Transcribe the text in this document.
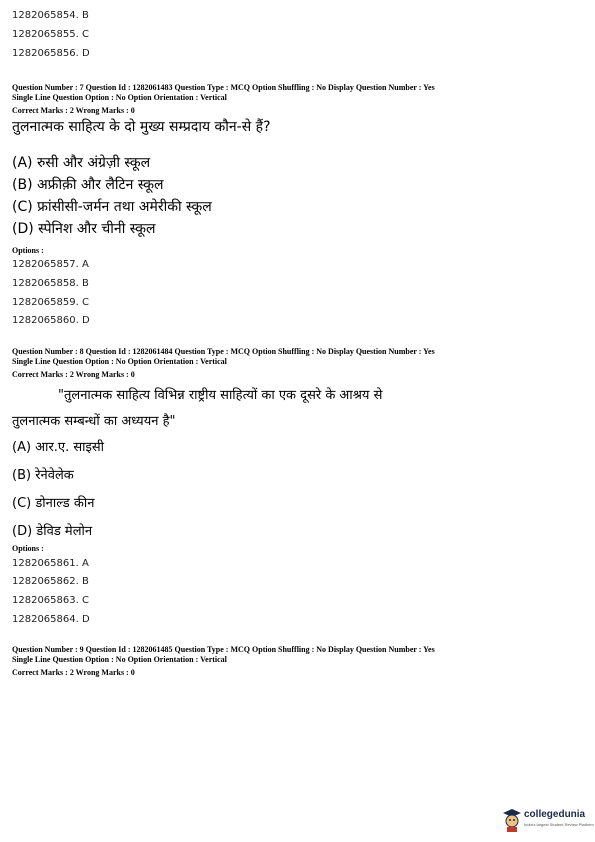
1282065854. B
1282065855. C
1282065856. D
Question Number : 7 Question Id : 1282061483 Question Type : MCQ Option Shuffling : No Display Question Number : Yes
Single Line Question Option : No Option Orientation : Vertical
Correct Marks : 2 Wrong Marks : 0
तुलनात्मक साहित्य के दो मुख्य सम्प्रदाय कौन-से हैं?
(A) रुसी और अंग्रेज़ी स्कूल
(B) अफ्रीक़ी और लैटिन स्कूल
(C) फ्रांसीसी-जर्मन तथा अमेरीकी स्कूल
(D) स्पेनिश और चीनी स्कूल
Options :
1282065857. A
1282065858. B
1282065859. C
1282065860. D
Question Number : 8 Question Id : 1282061484 Question Type : MCQ Option Shuffling : No Display Question Number : Yes
Single Line Question Option : No Option Orientation : Vertical
Correct Marks : 2 Wrong Marks : 0
"तुलनात्मक साहित्य विभिन्न राष्ट्रीय साहित्यों का एक दूसरे के आश्रय से
तुलनात्मक सम्बन्धों का अध्ययन है"
(A) आर.ए. साइसी
(B) रेनेवेलेक
(C) डोनाल्ड कीन
(D) डेविड मेलोन
Options :
1282065861. A
1282065862. B
1282065863. C
1282065864. D
Question Number : 9 Question Id : 1282061485 Question Type : MCQ Option Shuffling : No Display Question Number : Yes
Single Line Question Option : No Option Orientation : Vertical
Correct Marks : 2 Wrong Marks : 0
collegedunia
India's largest Student Review Platform
